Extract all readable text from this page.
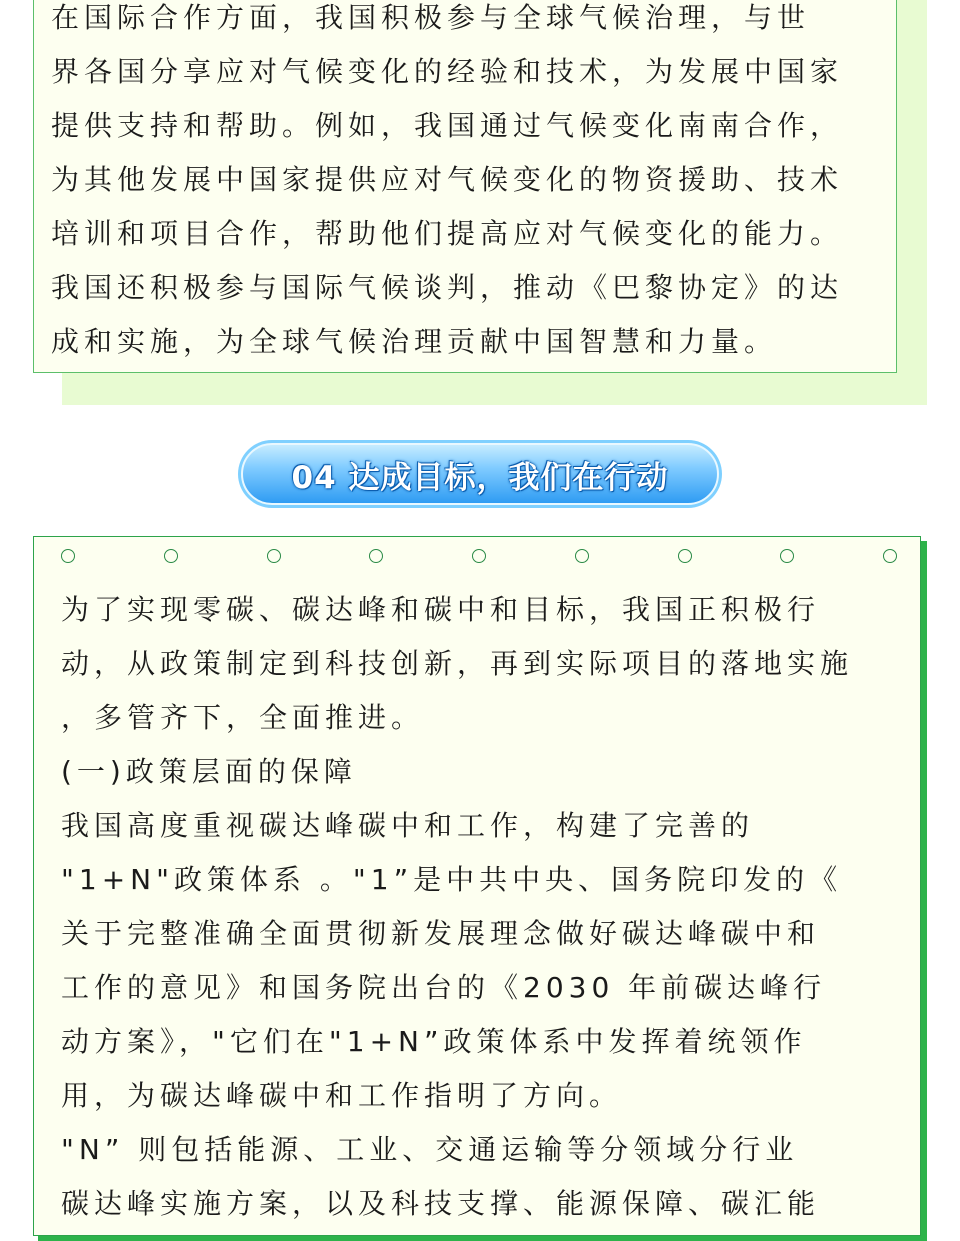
在国际合作方面，我国积极参与全球气候治理，与世
界各国分享应对气候变化的经验和技术，为发展中国家
提供支持和帮助。例如，我国通过气候变化南南合作，
为其他发展中国家提供应对气候变化的物资援助、技术
培训和项目合作，帮助他们提高应对气候变化的能力。
我国还积极参与国际气候谈判，推动《巴黎协定》的达
成和实施，为全球气候治理贡献中国智慧和力量。
04 达成目标，我们在行动
为了实现零碳、碳达峰和碳中和目标，我国正积极行
动，从政策制定到科技创新，再到实际项目的落地实施
，多管齐下，全面推进。
(一)政策层面的保障
我国高度重视碳达峰碳中和工作，构建了完善的
"1+N"政策体系 。"1”是中共中央、国务院印发的《
关于完整准确全面贯彻新发展理念做好碳达峰碳中和
工作的意见》和国务院出台的《2030 年前碳达峰行
动方案》，"它们在"1+N”政策体系中发挥着统领作
用，为碳达峰碳中和工作指明了方向。
"N” 则包括能源、工业、交通运输等分领域分行业
碳达峰实施方案，以及科技支撑、能源保障、碳汇能
